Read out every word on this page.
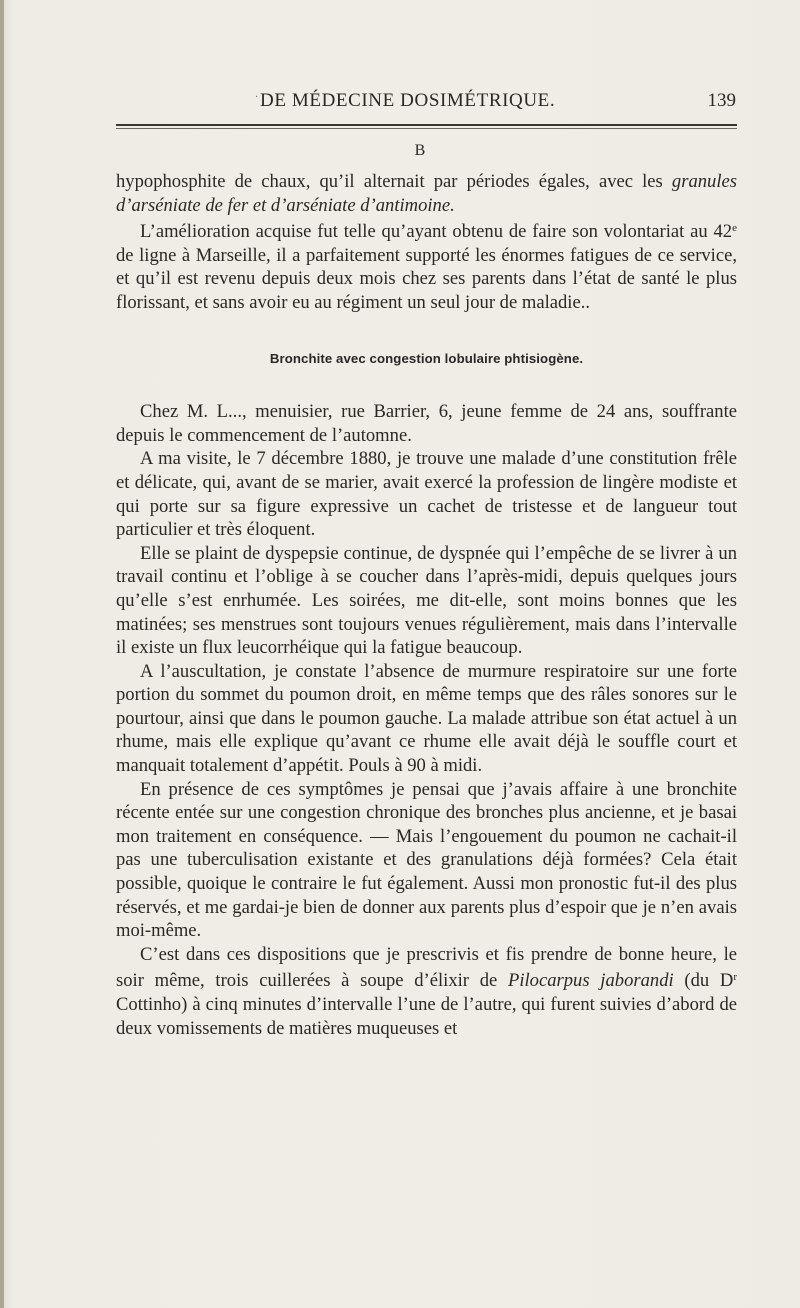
· DE MÉDECINE DOSIMÉTRIQUE.	139
B

hypophosphite de chaux, qu’il alternait par périodes égales, avec les granules d’arséniate de fer et d’arséniate d’antimoine.

L’amélioration acquise fut telle qu’ayant obtenu de faire son volontariat au 42e de ligne à Marseille, il a parfaitement supporté les énormes fatigues de ce service, et qu’il est revenu depuis deux mois chez ses parents dans l’état de santé le plus florissant, et sans avoir eu au régiment un seul jour de maladie..

Bronchite avec congestion lobulaire phtisiogène.

Chez M. L..., menuisier, rue Barrier, 6, jeune femme de 24 ans, souffrante depuis le commencement de l’automne.

A ma visite, le 7 décembre 1880, je trouve une malade d’une constitution frêle et délicate, qui, avant de se marier, avait exercé la profession de lingère modiste et qui porte sur sa figure expressive un cachet de tristesse et de langueur tout particulier et très éloquent.

Elle se plaint de dyspepsie continue, de dyspnée qui l’empêche de se livrer à un travail continu et l’oblige à se coucher dans l’après-midi, depuis quelques jours qu’elle s’est enrhumée. Les soirées, me dit-elle, sont moins bonnes que les matinées; ses menstrues sont toujours venues régulièrement, mais dans l’intervalle il existe un flux leucorrhéique qui la fatigue beaucoup.

A l’auscultation, je constate l’absence de murmure respiratoire sur une forte portion du sommet du poumon droit, en même temps que des râles sonores sur le pourtour, ainsi que dans le poumon gauche. La malade attribue son état actuel à un rhume, mais elle explique qu’avant ce rhume elle avait déjà le souffle court et manquait totalement d’appétit. Pouls à 90 à midi.

En présence de ces symptômes je pensai que j’avais affaire à une bronchite récente entée sur une congestion chronique des bronches plus ancienne, et je basai mon traitement en conséquence. — Mais l’engouement du poumon ne cachait-il pas une tuberculisation existante et des granulations déjà formées? Cela était possible, quoique le contraire le fut également. Aussi mon pronostic fut-il des plus réservés, et me gardai-je bien de donner aux parents plus d’espoir que je n’en avais moi-même.

C’est dans ces dispositions que je prescrivis et fis prendre de bonne heure, le soir même, trois cuillerées à soupe d’élixir de Pilocarpus jaborandi (du $D^r$ Cottinho) à cinq minutes d’intervalle l’une de l’autre, qui furent suivies d’abord de deux vomissements de matières muqueuses et
